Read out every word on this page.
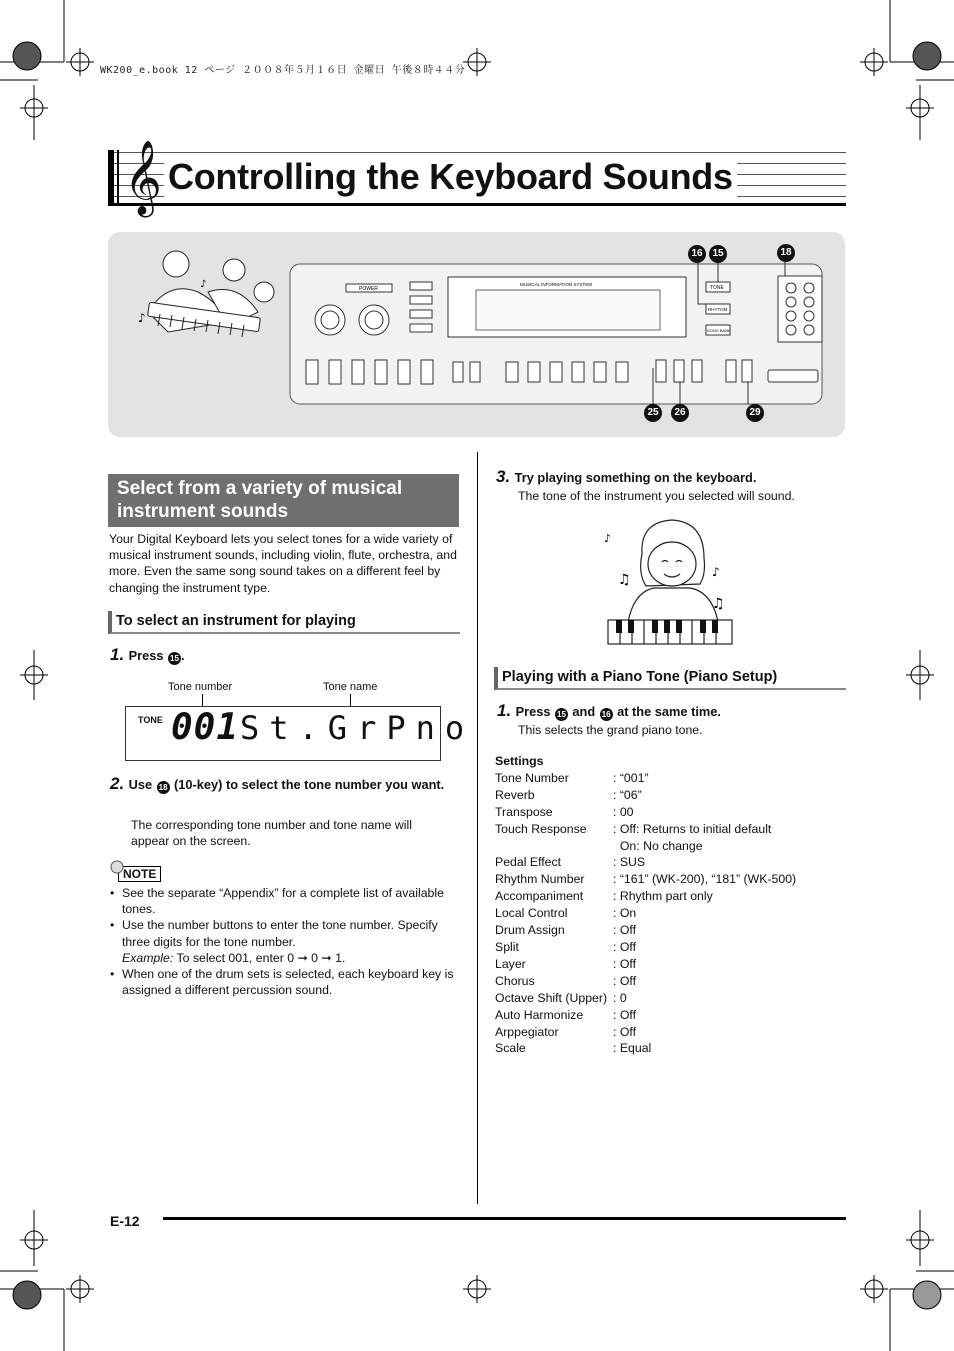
WK200_e.book 12 ページ ２００８年５月１６日 金曜日 午後８時４４分
𝄞 Controlling the Keyboard Sounds
♪
♪	POWER
MUSICAL INFORMATION SYSTEM
TONE
RHYTHM
SONG BANK
16 15	18
25	26	29
Select from a variety of musical instrument sounds
Your Digital Keyboard lets you select tones for a wide variety of musical instrument sounds, including violin, flute, orchestra, and more. Even the same song sound takes on a different feel by changing the instrument type.
To select an instrument for playing
1. Press 15 .
Tone number	Tone name
TONE 001 St.GrPno
2. Use 18 (10-key) to select the tone number you want.
The corresponding tone number and tone name will appear on the screen.
NOTE
• See the separate “Appendix” for a complete list of available tones.
• Use the number buttons to enter the tone number. Specify three digits for the tone number.
Example: To select 001, enter 0 ➞ 0 ➞ 1.
• When one of the drum sets is selected, each keyboard key is assigned a different percussion sound.
3. Try playing something on the keyboard.
The tone of the instrument you selected will sound.
♫	♪
♫
♪
Playing with a Piano Tone (Piano Setup)
1. Press 15 and 16 at the same time.
This selects the grand piano tone.
Settings
Tone Number	: “001”
Reverb	: “06”
Transpose	: 00
Touch Response	: Off: Returns to initial default
On: No change
Pedal Effect	: SUS
Rhythm Number	: “161” (WK-200), “181” (WK-500)
Accompaniment	: Rhythm part only
Local Control	: On
Drum Assign	: Off
Split	: Off
Layer	: Off
Chorus	: Off
Octave Shift (Upper) : 0
Auto Harmonize	: Off
Arppegiator	: Off
Scale	: Equal
E-12
